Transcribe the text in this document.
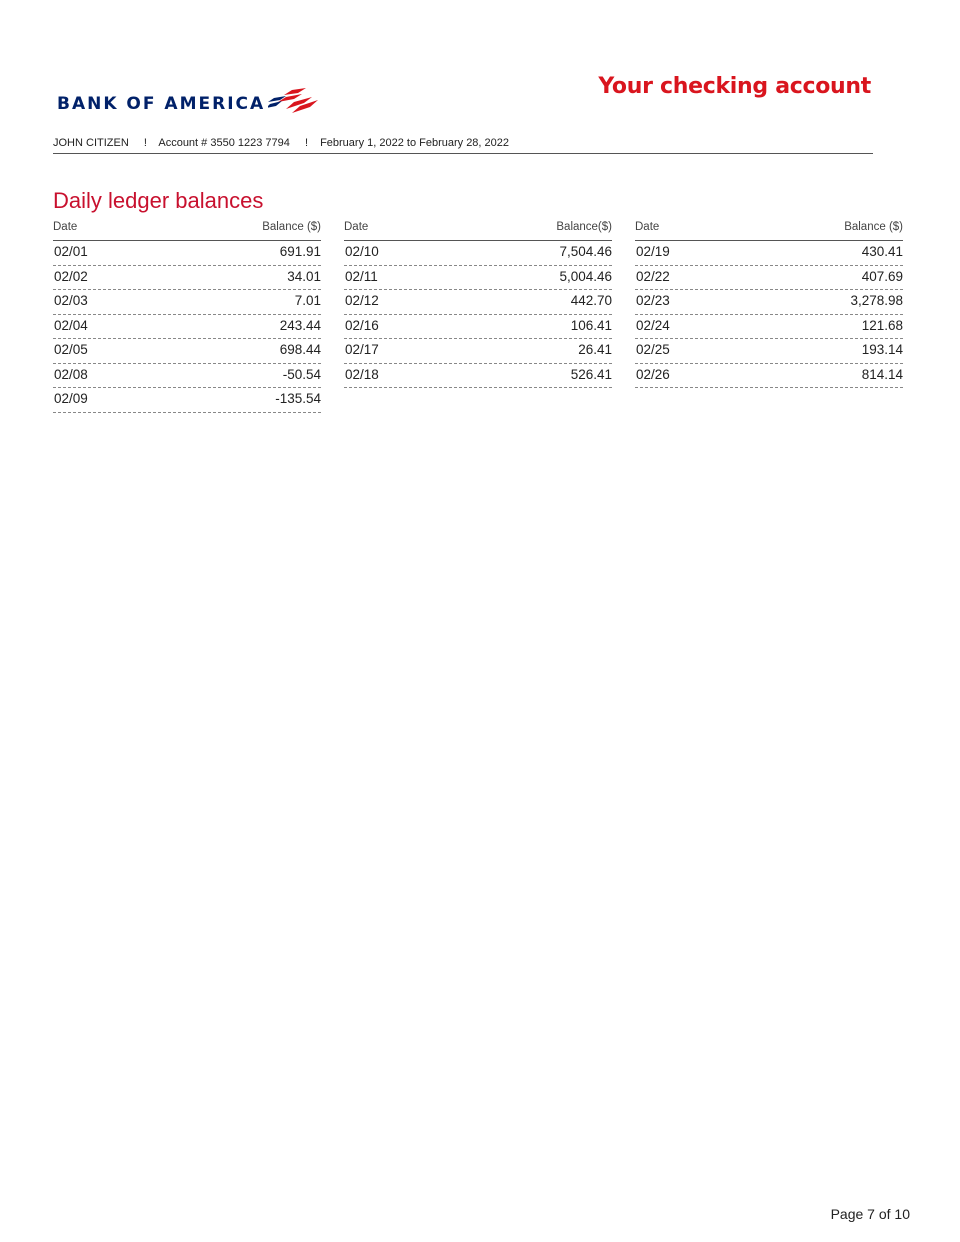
Your checking account
BANK OF AMERICA
JOHN CITIZEN ! Account # 3550 1223 7794 ! February 1, 2022 to February 28, 2022
Daily ledger balances
Date	Balance ($)
02/01	691.91
02/02	34.01
02/03	7.01
02/04	243.44
02/05	698.44
02/08	-50.54
02/09	-135.54
Date	Balance($)
02/10	7,504.46
02/11	5,004.46
02/12	442.70
02/16	106.41
02/17	26.41
02/18	526.41
Date	Balance ($)
02/19	430.41
02/22	407.69
02/23	3,278.98
02/24	121.68
02/25	193.14
02/26	814.14
Page 7 of 10
